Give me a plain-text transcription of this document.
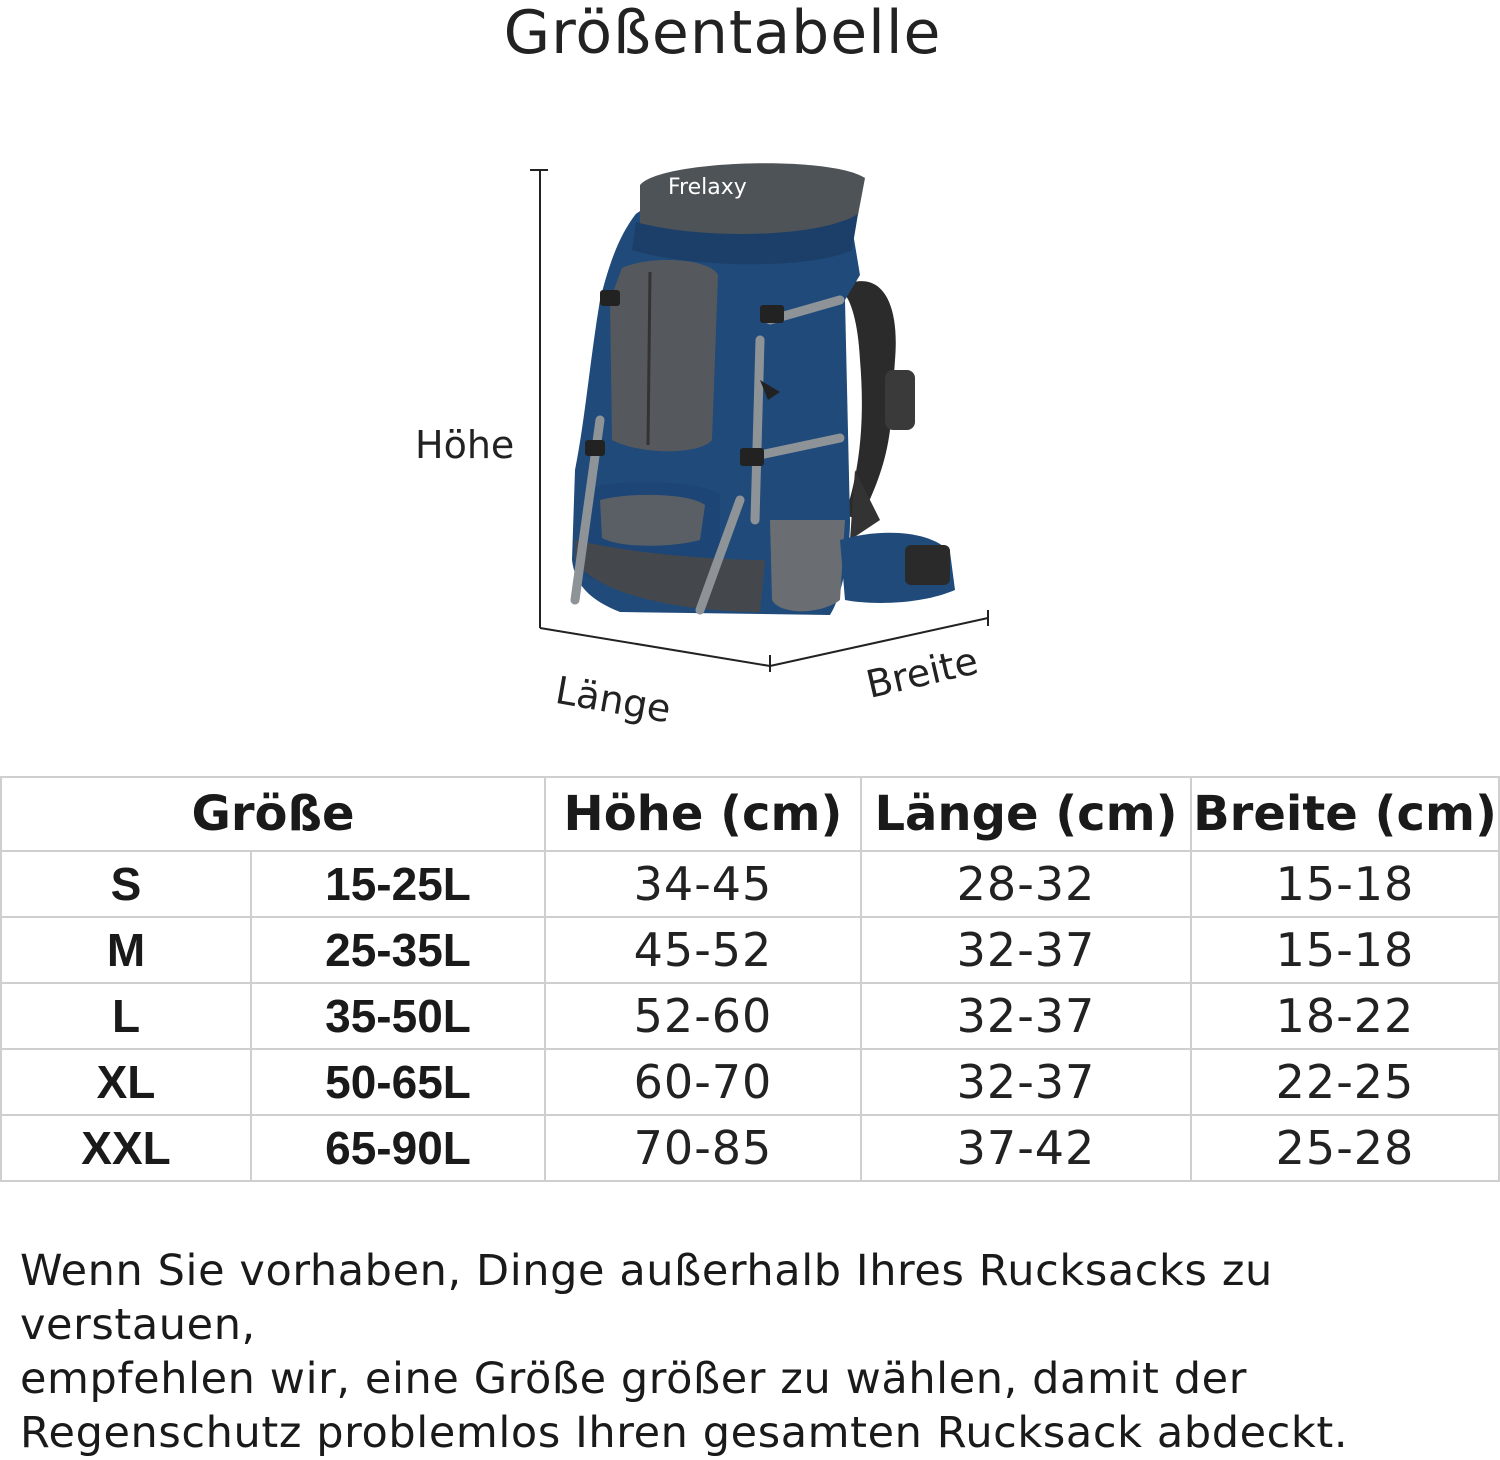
Größentabelle
Frelaxy
Höhe
Länge	Breite
Größe		Höhe (cm)	Länge (cm)	Breite (cm)
S	15-25L	34-45	28-32	15-18
M	25-35L	45-52	32-37	15-18
L	35-50L	52-60	32-37	18-22
XL	50-65L	60-70	32-37	22-25
XXL	65-90L	70-85	37-42	25-28
Wenn Sie vorhaben, Dinge außerhalb Ihres Rucksacks zu verstauen,
empfehlen wir, eine Größe größer zu wählen, damit der
Regenschutz problemlos Ihren gesamten Rucksack abdeckt.
